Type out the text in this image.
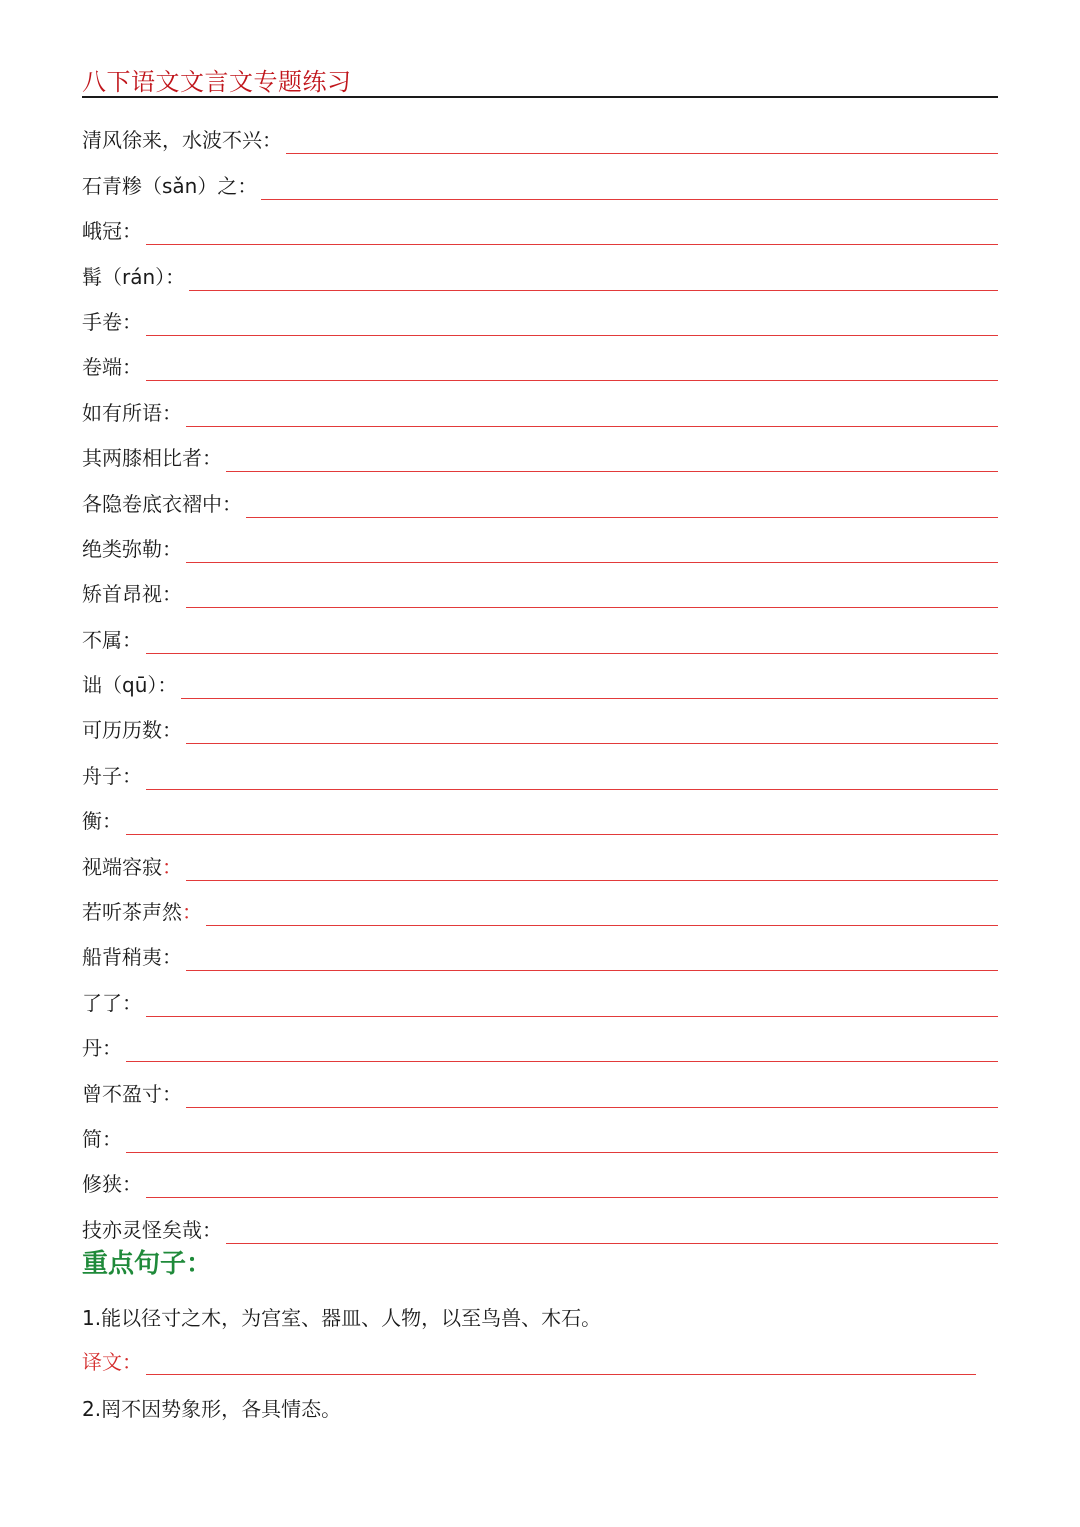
八下语文文言文专题练习
清风徐来，水波不兴：
石青糁（sǎn）之：
峨冠：
髯（rán）：
手卷：
卷端：
如有所语：
其两膝相比者：
各隐卷底衣褶中：
绝类弥勒：
矫首昂视：
不属：
诎（qū）：
可历历数：
舟子：
衡：
视端容寂：
若听茶声然：
船背稍夷：
了了：
丹：
曾不盈寸：
简：
修狭：
技亦灵怪矣哉：
重点句子：
1.能以径寸之木，为宫室、器皿、人物，以至鸟兽、木石。
译文：
2.罔不因势象形，各具情态。
